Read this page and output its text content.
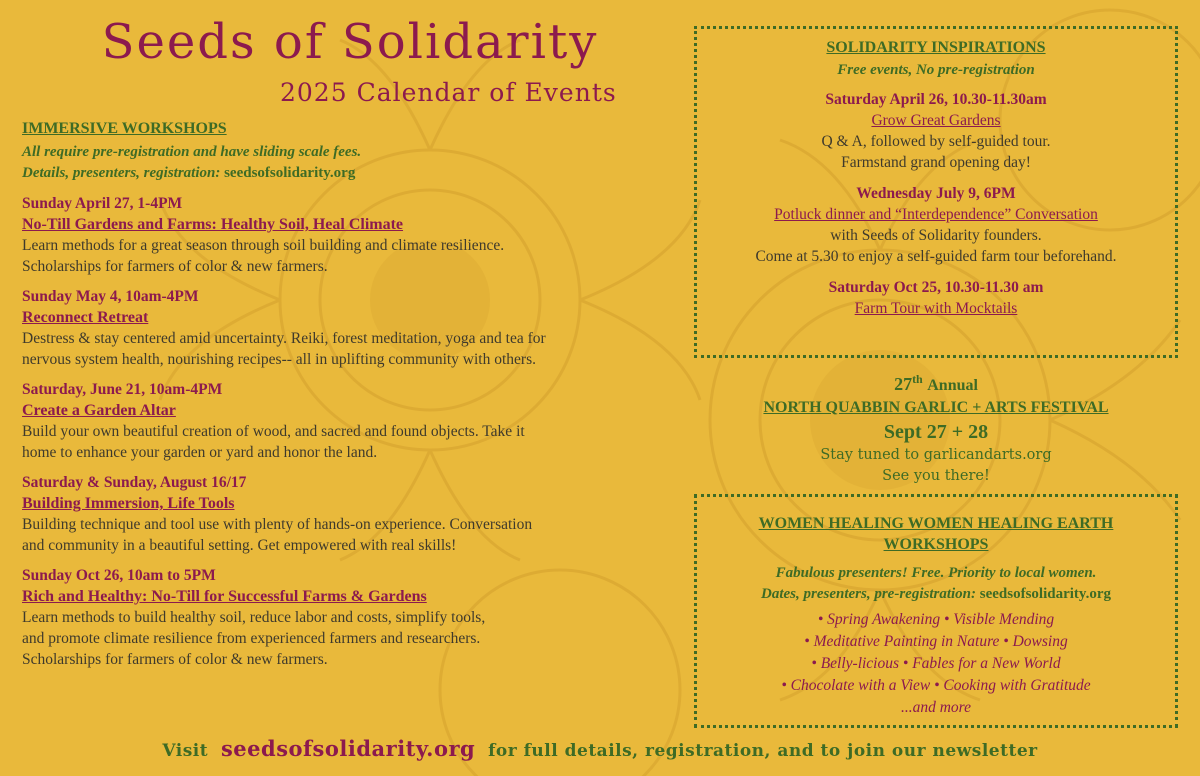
Seeds of Solidarity
2025 Calendar of Events
IMMERSIVE WORKSHOPS
All require pre-registration and have sliding scale fees.
Details, presenters, registration: seedsofsolidarity.org
Sunday April 27, 1-4PM
No-Till Gardens and Farms: Healthy Soil, Heal Climate
Learn methods for a great season through soil building and climate resilience.
Scholarships for farmers of color & new farmers.
Sunday May 4, 10am-4PM
Reconnect Retreat
Destress & stay centered amid uncertainty. Reiki, forest meditation, yoga and tea for
nervous system health, nourishing recipes-- all in uplifting community with others.
Saturday, June 21, 10am-4PM
Create a Garden Altar
Build your own beautiful creation of wood, and sacred and found objects. Take it
home to enhance your garden or yard and honor the land.
Saturday & Sunday, August 16/17
Building Immersion, Life Tools
Building technique and tool use with plenty of hands-on experience. Conversation
and community in a beautiful setting. Get empowered with real skills!
Sunday Oct 26, 10am to 5PM
Rich and Healthy: No-Till for Successful Farms & Gardens
Learn methods to build healthy soil, reduce labor and costs, simplify tools,
and promote climate resilience from experienced farmers and researchers.
Scholarships for farmers of color & new farmers.
SOLIDARITY INSPIRATIONS
Free events, No pre-registration
Saturday April 26, 10.30-11.30am
Grow Great Gardens
Q & A, followed by self-guided tour.
Farmstand grand opening day!
Wednesday July 9, 6PM
Potluck dinner and “Interdependence” Conversation
with Seeds of Solidarity founders.
Come at 5.30 to enjoy a self-guided farm tour beforehand.
Saturday Oct 25, 10.30-11.30 am
Farm Tour with Mocktails
27th Annual
NORTH QUABBIN GARLIC + ARTS FESTIVAL
Sept 27 + 28
Stay tuned to garlicandarts.org
See you there!
WOMEN HEALING WOMEN HEALING EARTH
WORKSHOPS
Fabulous presenters! Free. Priority to local women.
Dates, presenters, pre-registration: seedsofsolidarity.org
• Spring Awakening • Visible Mending
• Meditative Painting in Nature • Dowsing
• Belly-licious • Fables for a New World
• Chocolate with a View • Cooking with Gratitude
...and more
Visit seedsofsolidarity.org for full details, registration, and to join our newsletter
